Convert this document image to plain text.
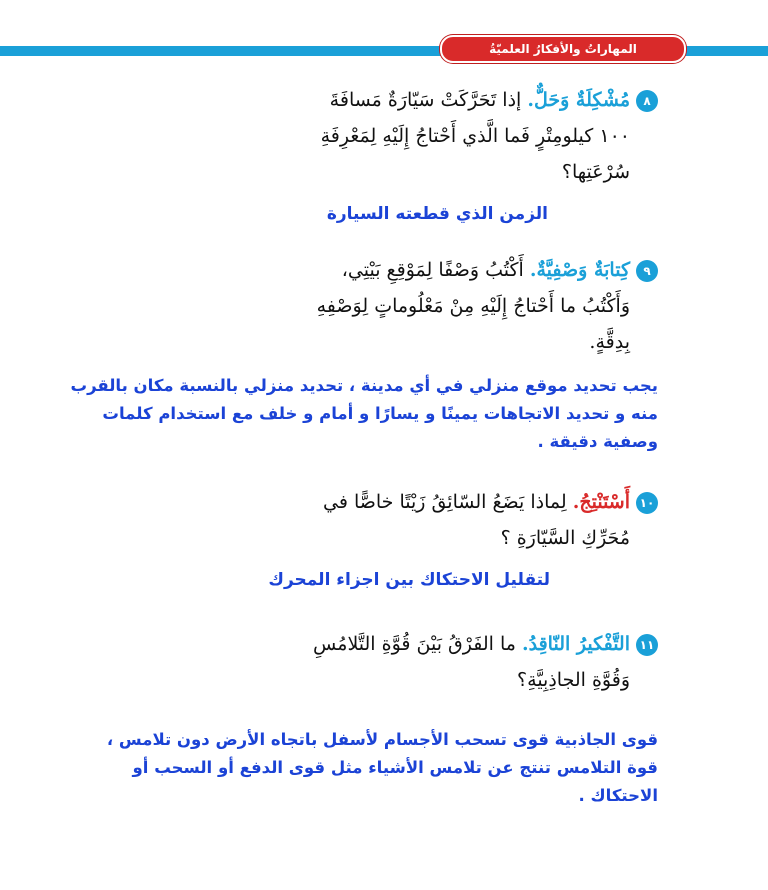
المهاراتُ والأفكارُ العلميّةُ
٨مُشْكِلَةٌ وَحَلٌّ. إذا تَحَرَّكَتْ سَيّارَةٌ مَسافَةَ
١٠٠ كيلومِتْرٍ فَما الَّذي أَحْتاجُ إِلَيْهِ لِمَعْرِفَةِ
سُرْعَتِها؟
الزمن الذي قطعته السيارة
٩كِتابَةٌ وَصْفِيَّةٌ. أَكْتُبُ وَصْفًا لِمَوْقِعِ بَيْتِي،
وَأَكْتُبُ ما أَحْتاجُ إِلَيْهِ مِنْ مَعْلُوماتٍ لِوَصْفِهِ
بِدِقَّةٍ.
يجب تحديد موقع منزلي في أي مدينة ، تحديد منزلي بالنسبة مكان بالقرب
منه و تحديد الاتجاهات يمينًا و يسارًا و أمام و خلف مع استخدام كلمات
وصفية دقيقة .
١٠أَسْتَنْتِجُ. لِماذا يَضَعُ السّائِقُ زَيْتًا خاصًّا في
مُحَرِّكِ السَّيّارَةِ ؟
لتقليل الاحتكاك بين اجزاء المحرك
١١التَّفْكيرُ النّاقِدُ. ما الفَرْقُ بَيْنَ قُوَّةِ التَّلامُسِ
وَقُوَّةِ الجاذِبِيَّةِ؟
قوى الجاذبية قوى تسحب الأجسام لأسفل باتجاه الأرض دون تلامس ،
قوة التلامس تنتج عن تلامس الأشياء مثل قوى الدفع أو السحب أو
الاحتكاك .
